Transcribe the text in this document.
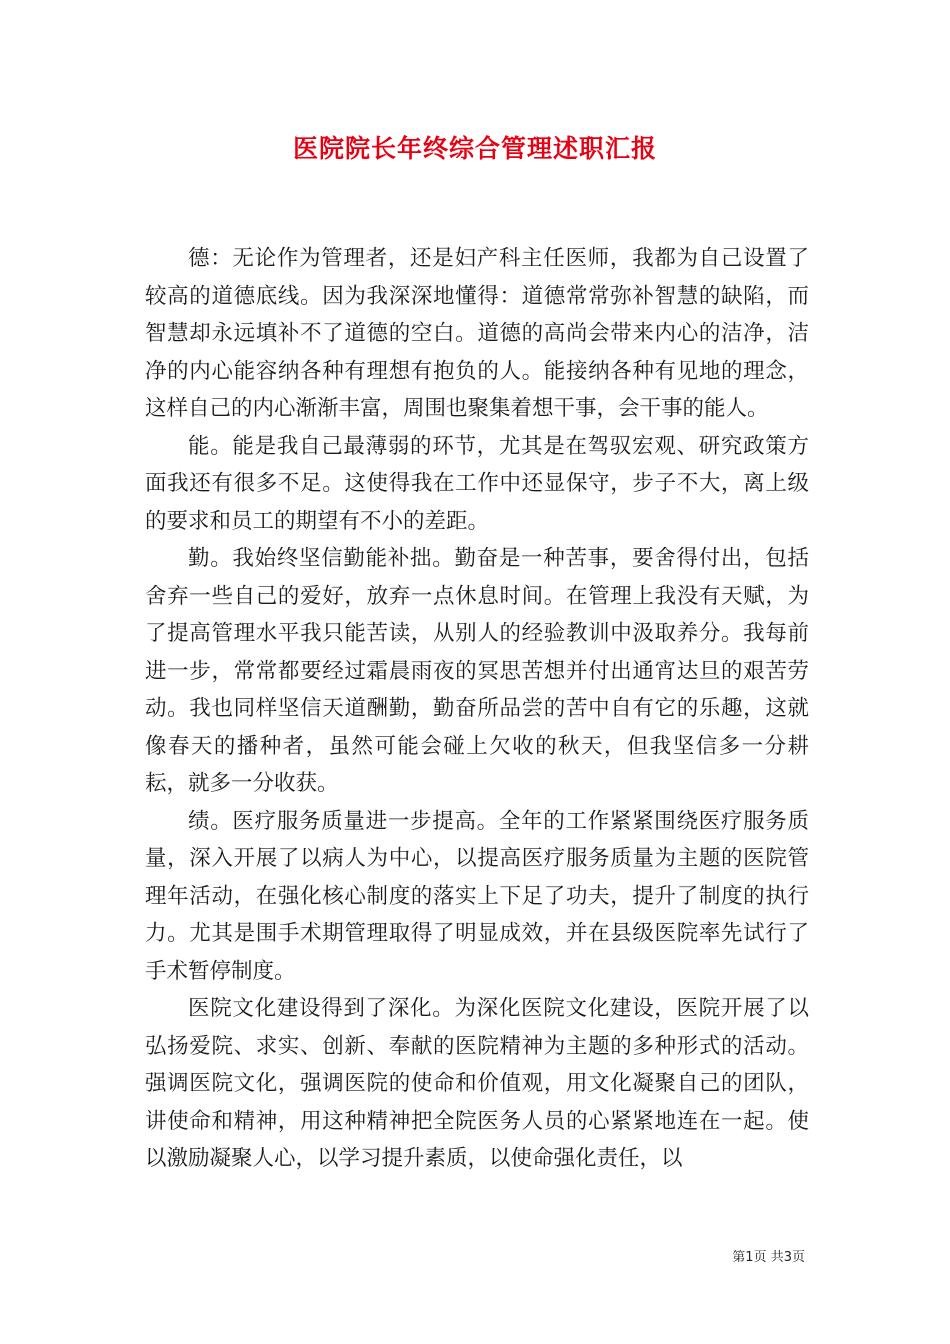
医院院长年终综合管理述职汇报

德：无论作为管理者，还是妇产科主任医师，我都为自己设置了较高的道德底线。因为我深深地懂得：道德常常弥补智慧的缺陷，而智慧却永远填补不了道德的空白。道德的高尚会带来内心的洁净，洁净的内心能容纳各种有理想有抱负的人。能接纳各种有见地的理念，这样自己的内心渐渐丰富，周围也聚集着想干事，会干事的能人。

能。能是我自己最薄弱的环节，尤其是在驾驭宏观、研究政策方面我还有很多不足。这使得我在工作中还显保守，步子不大，离上级的要求和员工的期望有不小的差距。

勤。我始终坚信勤能补拙。勤奋是一种苦事，要舍得付出，包括舍弃一些自己的爱好，放弃一点休息时间。在管理上我没有天赋，为了提高管理水平我只能苦读，从别人的经验教训中汲取养分。我每前进一步，常常都要经过霜晨雨夜的冥思苦想并付出通宵达旦的艰苦劳动。我也同样坚信天道酬勤，勤奋所品尝的苦中自有它的乐趣，这就像春天的播种者，虽然可能会碰上欠收的秋天，但我坚信多一分耕耘，就多一分收获。

绩。医疗服务质量进一步提高。全年的工作紧紧围绕医疗服务质量，深入开展了以病人为中心，以提高医疗服务质量为主题的医院管理年活动，在强化核心制度的落实上下足了功夫，提升了制度的执行力。尤其是围手术期管理取得了明显成效，并在县级医院率先试行了手术暂停制度。

医院文化建设得到了深化。为深化医院文化建设，医院开展了以弘扬爱院、求实、创新、奉献的医院精神为主题的多种形式的活动。强调医院文化，强调医院的使命和价值观，用文化凝聚自己的团队，讲使命和精神，用这种精神把全院医务人员的心紧紧地连在一起。使以激励凝聚人心，以学习提升素质，以使命强化责任，以

第1页 共3页
